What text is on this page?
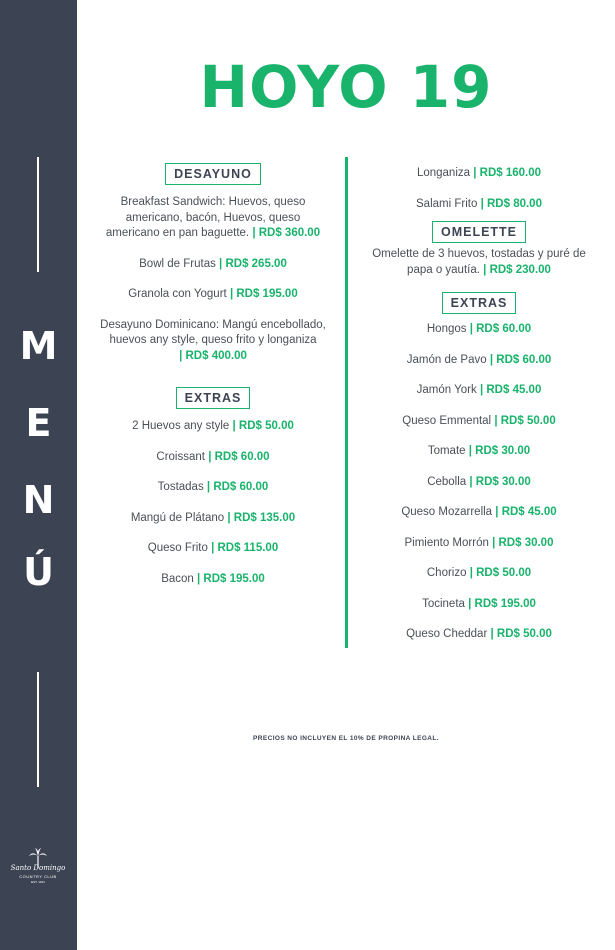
M
E
N
Ú
Santo Domingo
COUNTRY CLUB
EST. 1921
HOYO 19
DESAYUNO
Breakfast Sandwich: Huevos, queso americano, bacón, Huevos, queso americano en pan baguette. | RD$ 360.00
Bowl de Frutas | RD$ 265.00
Granola con Yogurt | RD$ 195.00
Desayuno Dominicano: Mangú encebollado, huevos any style, queso frito y longaniza | RD$ 400.00
EXTRAS
2 Huevos any style | RD$ 50.00
Croissant | RD$ 60.00
Tostadas | RD$ 60.00
Mangú de Plátano | RD$ 135.00
Queso Frito | RD$ 115.00
Bacon | RD$ 195.00
Longaniza | RD$ 160.00
Salami Frito | RD$ 80.00
OMELETTE
Omelette de 3 huevos, tostadas y puré de papa o yautía. | RD$ 230.00
EXTRAS
Hongos | RD$ 60.00
Jamón de Pavo | RD$ 60.00
Jamón York | RD$ 45.00
Queso Emmental | RD$ 50.00
Tomate | RD$ 30.00
Cebolla | RD$ 30.00
Queso Mozarrella | RD$ 45.00
Pimiento Morrón | RD$ 30.00
Chorizo | RD$ 50.00
Tocineta | RD$ 195.00
Queso Cheddar | RD$ 50.00
PRECIOS NO INCLUYEN EL 10% DE PROPINA LEGAL.
